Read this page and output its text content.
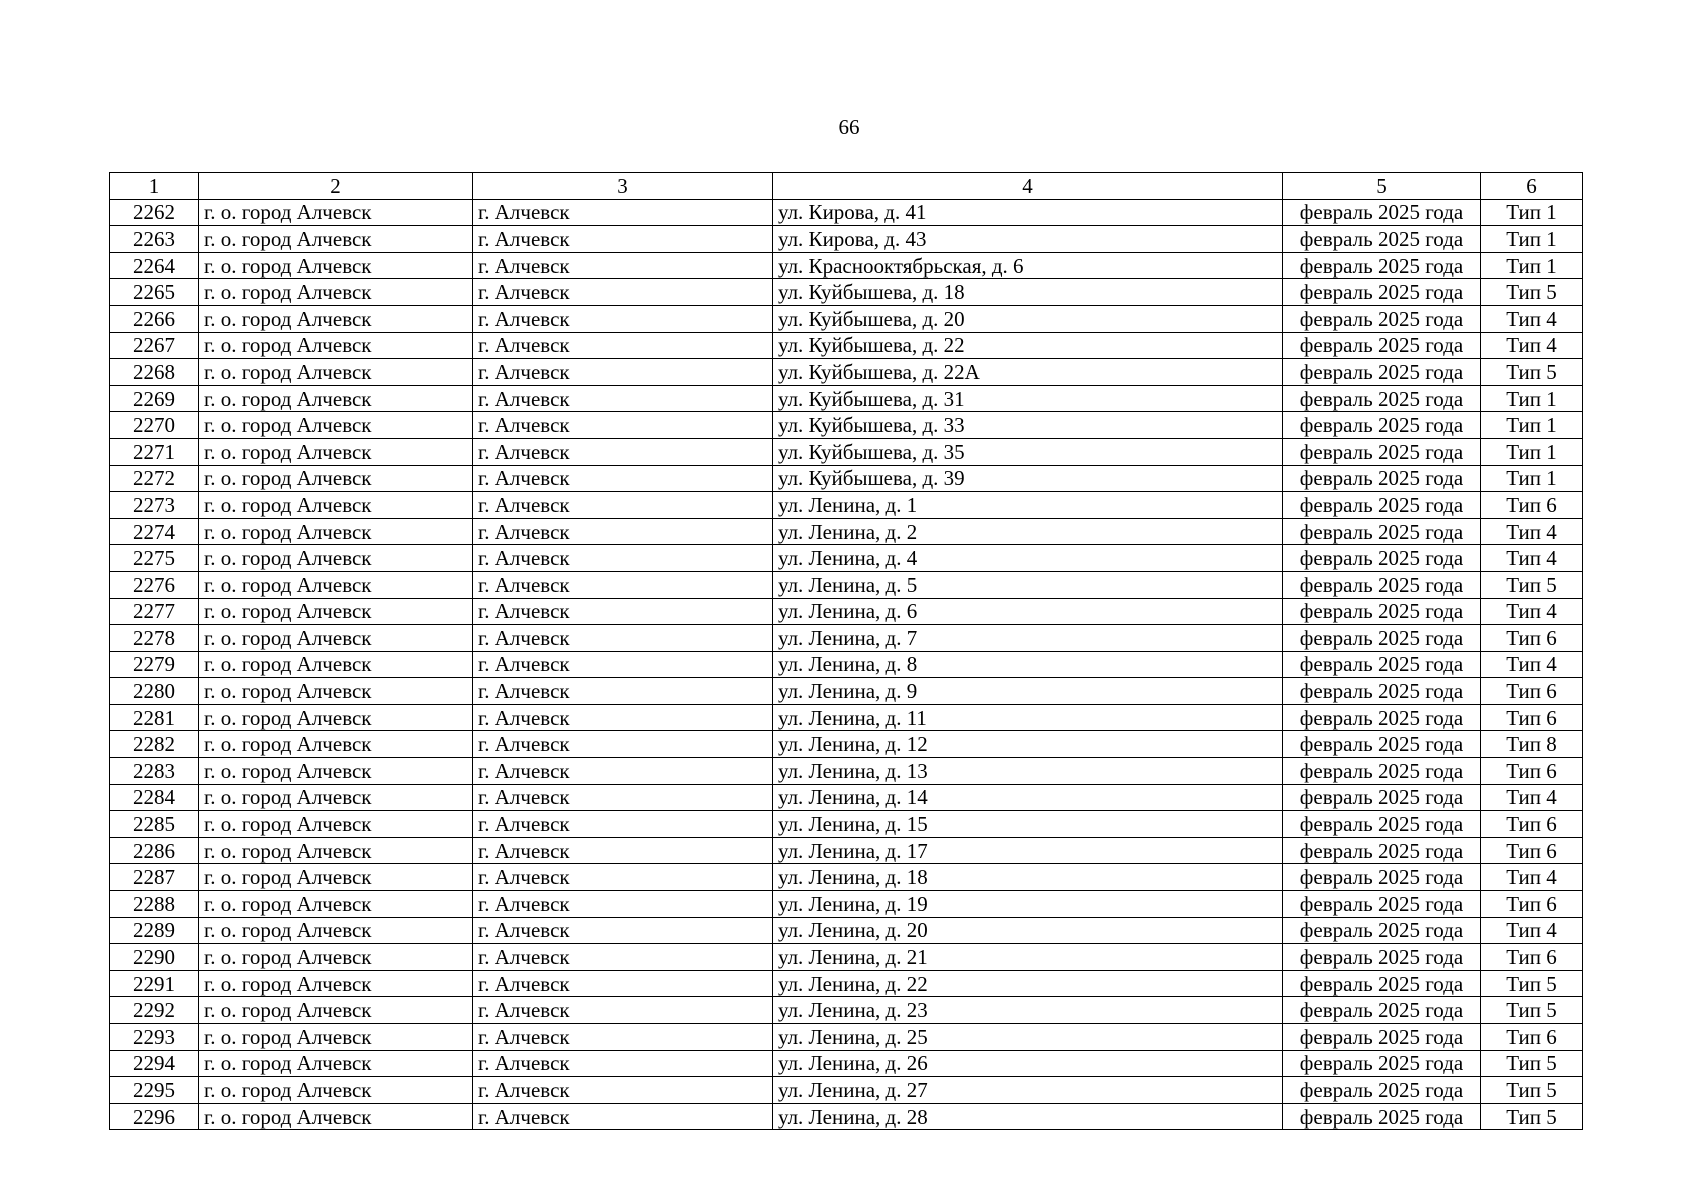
66
1	2	3	4	5	6
2262	г. о. город Алчевск	г. Алчевск	ул. Кирова, д. 41	февраль 2025 года	Тип 1
2263	г. о. город Алчевск	г. Алчевск	ул. Кирова, д. 43	февраль 2025 года	Тип 1
2264	г. о. город Алчевск	г. Алчевск	ул. Краснооктябрьская, д. 6	февраль 2025 года	Тип 1
2265	г. о. город Алчевск	г. Алчевск	ул. Куйбышева, д. 18	февраль 2025 года	Тип 5
2266	г. о. город Алчевск	г. Алчевск	ул. Куйбышева, д. 20	февраль 2025 года	Тип 4
2267	г. о. город Алчевск	г. Алчевск	ул. Куйбышева, д. 22	февраль 2025 года	Тип 4
2268	г. о. город Алчевск	г. Алчевск	ул. Куйбышева, д. 22А	февраль 2025 года	Тип 5
2269	г. о. город Алчевск	г. Алчевск	ул. Куйбышева, д. 31	февраль 2025 года	Тип 1
2270	г. о. город Алчевск	г. Алчевск	ул. Куйбышева, д. 33	февраль 2025 года	Тип 1
2271	г. о. город Алчевск	г. Алчевск	ул. Куйбышева, д. 35	февраль 2025 года	Тип 1
2272	г. о. город Алчевск	г. Алчевск	ул. Куйбышева, д. 39	февраль 2025 года	Тип 1
2273	г. о. город Алчевск	г. Алчевск	ул. Ленина, д. 1	февраль 2025 года	Тип 6
2274	г. о. город Алчевск	г. Алчевск	ул. Ленина, д. 2	февраль 2025 года	Тип 4
2275	г. о. город Алчевск	г. Алчевск	ул. Ленина, д. 4	февраль 2025 года	Тип 4
2276	г. о. город Алчевск	г. Алчевск	ул. Ленина, д. 5	февраль 2025 года	Тип 5
2277	г. о. город Алчевск	г. Алчевск	ул. Ленина, д. 6	февраль 2025 года	Тип 4
2278	г. о. город Алчевск	г. Алчевск	ул. Ленина, д. 7	февраль 2025 года	Тип 6
2279	г. о. город Алчевск	г. Алчевск	ул. Ленина, д. 8	февраль 2025 года	Тип 4
2280	г. о. город Алчевск	г. Алчевск	ул. Ленина, д. 9	февраль 2025 года	Тип 6
2281	г. о. город Алчевск	г. Алчевск	ул. Ленина, д. 11	февраль 2025 года	Тип 6
2282	г. о. город Алчевск	г. Алчевск	ул. Ленина, д. 12	февраль 2025 года	Тип 8
2283	г. о. город Алчевск	г. Алчевск	ул. Ленина, д. 13	февраль 2025 года	Тип 6
2284	г. о. город Алчевск	г. Алчевск	ул. Ленина, д. 14	февраль 2025 года	Тип 4
2285	г. о. город Алчевск	г. Алчевск	ул. Ленина, д. 15	февраль 2025 года	Тип 6
2286	г. о. город Алчевск	г. Алчевск	ул. Ленина, д. 17	февраль 2025 года	Тип 6
2287	г. о. город Алчевск	г. Алчевск	ул. Ленина, д. 18	февраль 2025 года	Тип 4
2288	г. о. город Алчевск	г. Алчевск	ул. Ленина, д. 19	февраль 2025 года	Тип 6
2289	г. о. город Алчевск	г. Алчевск	ул. Ленина, д. 20	февраль 2025 года	Тип 4
2290	г. о. город Алчевск	г. Алчевск	ул. Ленина, д. 21	февраль 2025 года	Тип 6
2291	г. о. город Алчевск	г. Алчевск	ул. Ленина, д. 22	февраль 2025 года	Тип 5
2292	г. о. город Алчевск	г. Алчевск	ул. Ленина, д. 23	февраль 2025 года	Тип 5
2293	г. о. город Алчевск	г. Алчевск	ул. Ленина, д. 25	февраль 2025 года	Тип 6
2294	г. о. город Алчевск	г. Алчевск	ул. Ленина, д. 26	февраль 2025 года	Тип 5
2295	г. о. город Алчевск	г. Алчевск	ул. Ленина, д. 27	февраль 2025 года	Тип 5
2296	г. о. город Алчевск	г. Алчевск	ул. Ленина, д. 28	февраль 2025 года	Тип 5
